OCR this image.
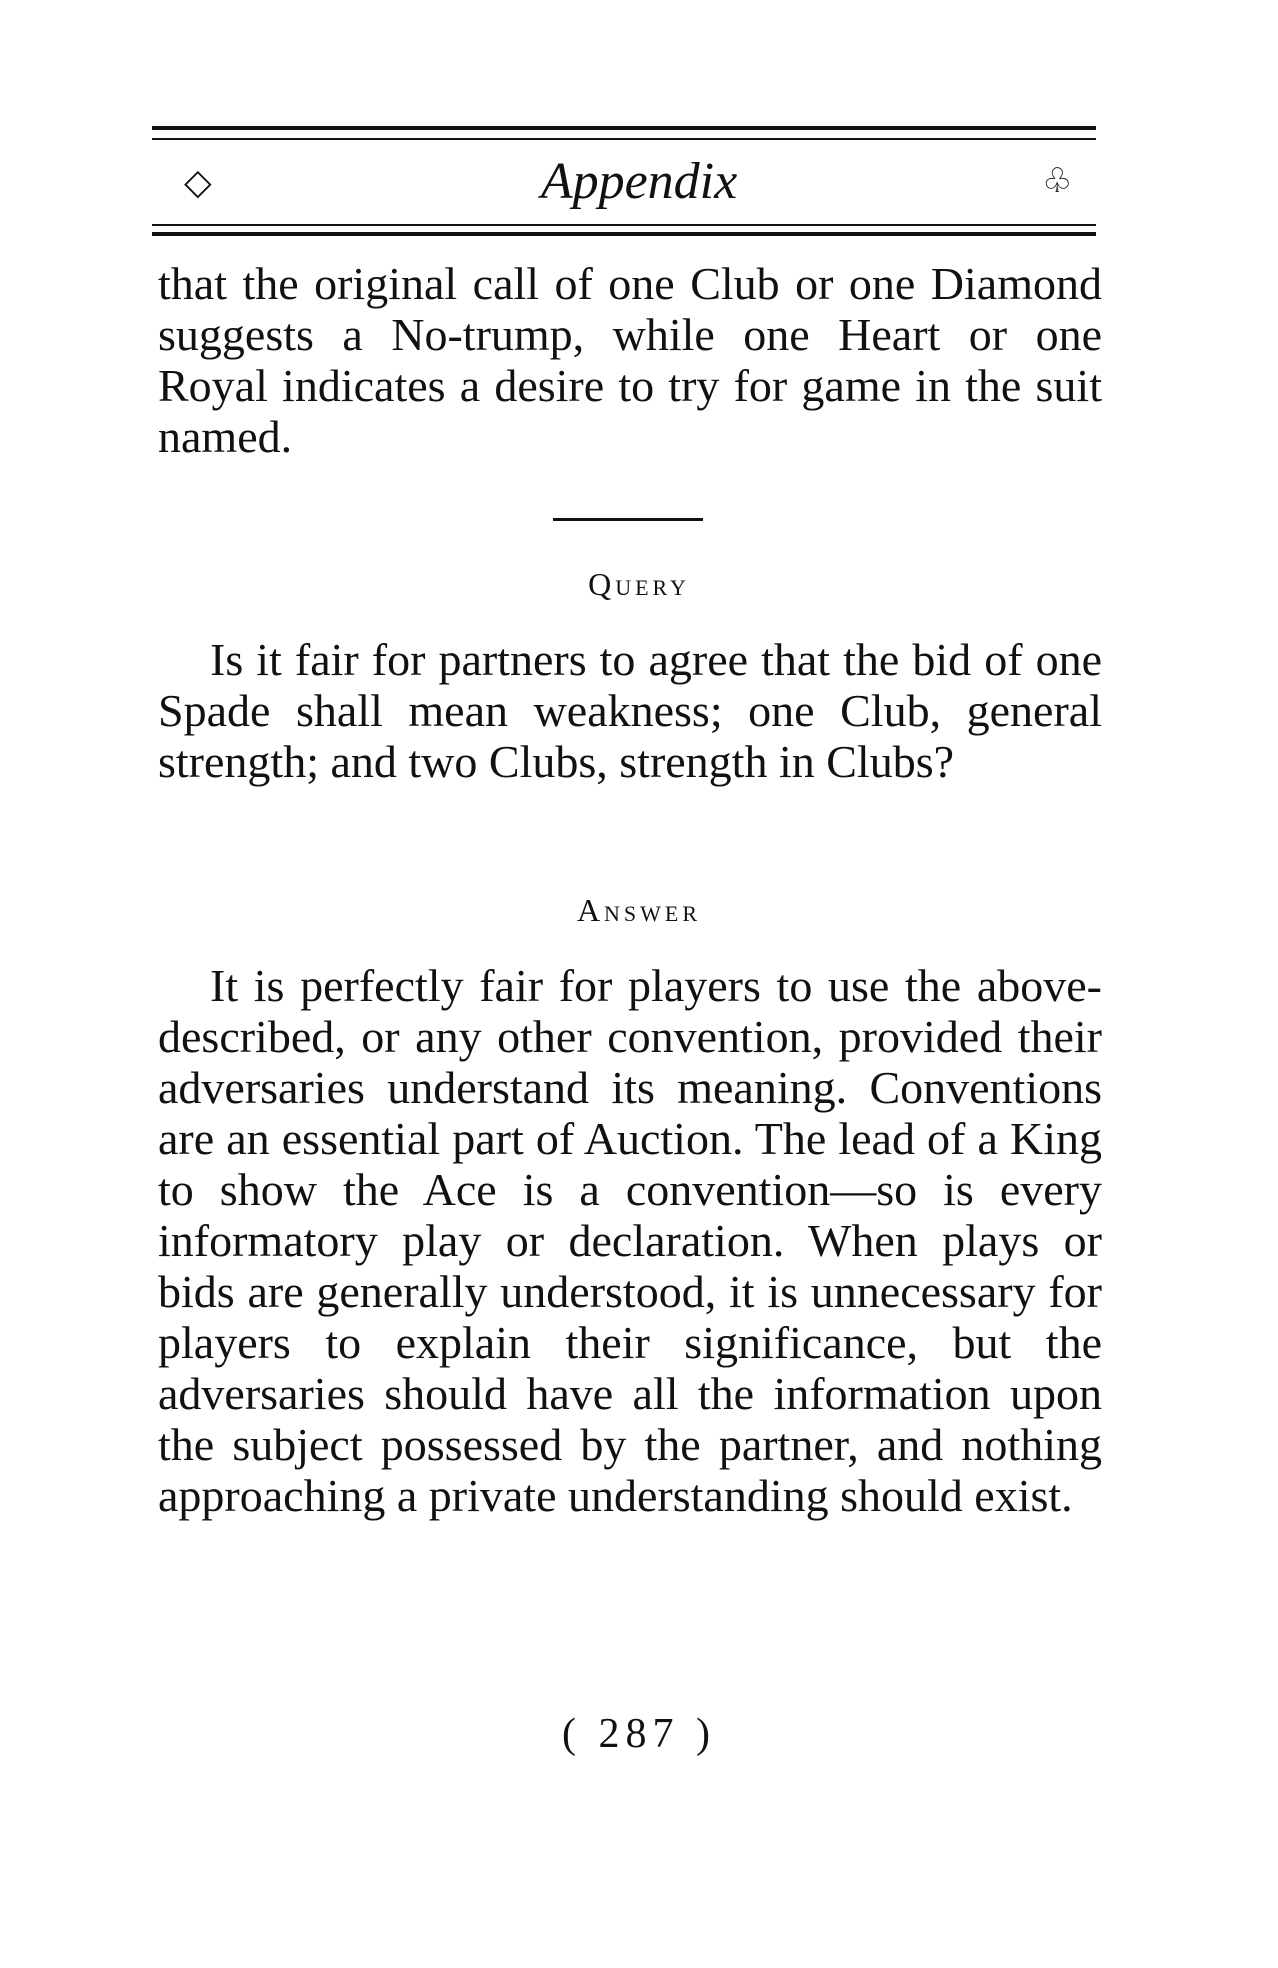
◇	Appendix	♧

that the original call of one Club or one Diamond suggests a No-trump, while one Heart or one Royal indicates a desire to try for game in the suit named.

Query

Is it fair for partners to agree that the bid of one Spade shall mean weakness; one Club, general strength; and two Clubs, strength in Clubs?

Answer

It is perfectly fair for players to use the above-described, or any other convention, provided their adversaries understand its meaning. Conventions are an essential part of Auction. The lead of a King to show the Ace is a convention—so is every informatory play or declaration. When plays or bids are generally understood, it is unnecessary for players to explain their significance, but the adversaries should have all the information upon the subject possessed by the partner, and nothing approaching a private understanding should exist.

( 287 )
